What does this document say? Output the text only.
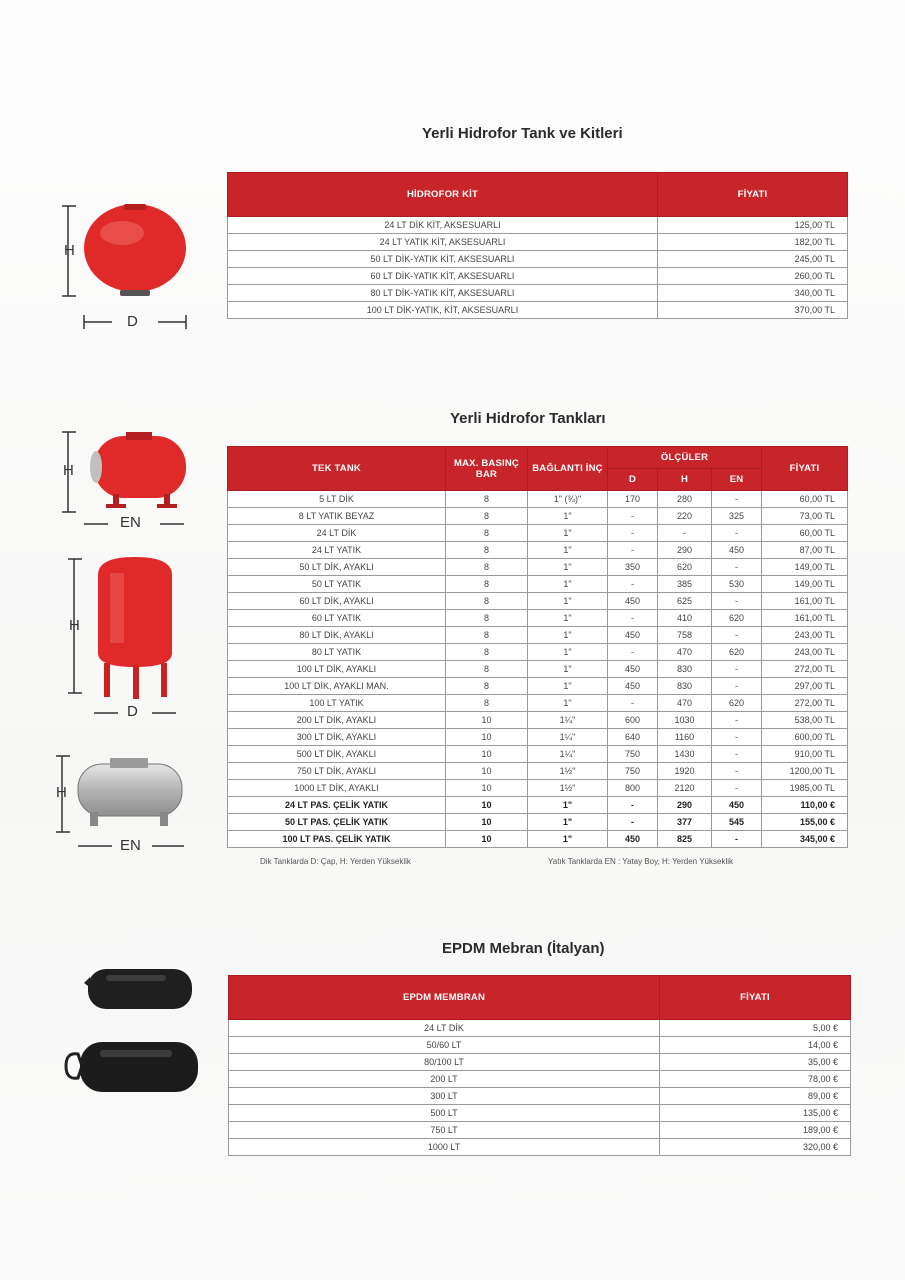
Yerli Hidrofor Tank ve Kitleri
H
D
HİDROFOR KİT	FİYATI
24 LT DİK KİT, AKSESUARLI	125,00 TL
24 LT YATIK KİT, AKSESUARLI	182,00 TL
50 LT DİK-YATIK KİT, AKSESUARLI	245,00 TL
60 LT DİK-YATIK KİT, AKSESUARLI	260,00 TL
80 LT DİK-YATIK KİT, AKSESUARLI	340,00 TL
100 LT DİK-YATIK, KİT, AKSESUARLI	370,00 TL
Yerli Hidrofor Tankları
H
EN
H
D
H
EN
TEK TANK	MAX. BASINÇ BAR	BAĞLANTI İNÇ	ÖLÇÜLER			FİYATI
			D	H	EN	
5 LT DİK	8	1" (¾)"	170	280	-	60,00 TL
8 LT YATIK BEYAZ	8	1"	-	220	325	73,00 TL
24 LT DİK	8	1"	-	-	-	60,00 TL
24 LT YATIK	8	1"	-	290	450	87,00 TL
50 LT DİK, AYAKLI	8	1"	350	620	-	149,00 TL
50 LT YATIK	8	1"	-	385	530	149,00 TL
60 LT DİK, AYAKLI	8	1"	450	625	-	161,00 TL
60 LT YATIK	8	1"	-	410	620	161,00 TL
80 LT DİK, AYAKLI	8	1"	450	758	-	243,00 TL
80 LT YATIK	8	1"	-	470	620	243,00 TL
100 LT DİK, AYAKLI	8	1"	450	830	-	272,00 TL
100 LT DİK, AYAKLI MAN.	8	1"	450	830	-	297,00 TL
100 LT YATIK	8	1"	-	470	620	272,00 TL
200 LT DİK, AYAKLI	10	1¼"	600	1030	-	538,00 TL
300 LT DİK, AYAKLI	10	1¼"	640	1160	-	600,00 TL
500 LT DİK, AYAKLI	10	1¼"	750	1430	-	910,00 TL
750 LT DİK, AYAKLI	10	1½"	750	1920	-	1200,00 TL
1000 LT DİK, AYAKLI	10	1½"	800	2120	-	1985,00 TL
24 LT PAS. ÇELİK YATIK	10	1"	-	290	450	110,00 €
50 LT PAS. ÇELİK YATIK	10	1"	-	377	545	155,00 €
100 LT PAS. ÇELİK YATIK	10	1"	450	825	-	345,00 €
Dik Tanklarda D: Çap, H: Yerden Yükseklik	Yatık Tanklarda EN : Yatay Boy, H: Yerden Yükseklik
EPDM Mebran (İtalyan)
EPDM MEMBRAN	FİYATI
24 LT DİK	5,00 €
50/60 LT	14,00 €
80/100 LT	35,00 €
200 LT	78,00 €
300 LT	89,00 €
500 LT	135,00 €
750 LT	189,00 €
1000 LT	320,00 €
